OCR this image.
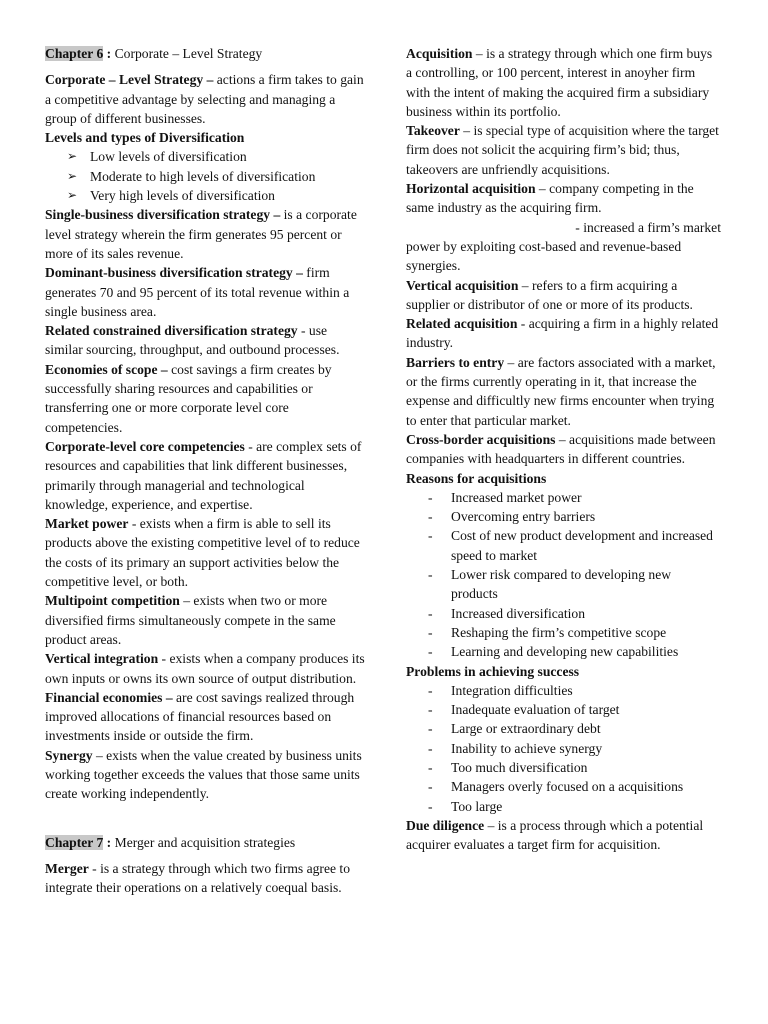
Chapter 6 : Corporate – Level Strategy

Corporate – Level Strategy – actions a firm takes to gain a competitive advantage by selecting and managing a group of different businesses.

Levels and types of Diversification

➢ Low levels of diversification
➢ Moderate to high levels of diversification
➢ Very high levels of diversification

Single-business diversification strategy – is a corporate level strategy wherein the firm generates 95 percent or more of its sales revenue.

Dominant-business diversification strategy – firm generates 70 and 95 percent of its total revenue within a single business area.

Related constrained diversification strategy - use similar sourcing, throughput, and outbound processes.

Economies of scope – cost savings a firm creates by successfully sharing resources and capabilities or transferring one or more corporate level core competencies.

Corporate-level core competencies - are complex sets of resources and capabilities that link different businesses, primarily through managerial and technological knowledge, experience, and expertise.

Market power - exists when a firm is able to sell its products above the existing competitive level of to reduce the costs of its primary an support activities below the competitive level, or both.

Multipoint competition – exists when two or more diversified firms simultaneously compete in the same product areas.

Vertical integration - exists when a company produces its own inputs or owns its own source of output distribution.

Financial economies – are cost savings realized through improved allocations of financial resources based on investments inside or outside the firm.

Synergy – exists when the value created by business units working together exceeds the values that those same units create working independently.

Chapter 7 : Merger and acquisition strategies

Merger - is a strategy through which two firms agree to integrate their operations on a relatively coequal basis.

Acquisition – is a strategy through which one firm buys a controlling, or 100 percent, interest in anoyher firm with the intent of making the acquired firm a subsidiary business within its portfolio.

Takeover – is special type of acquisition where the target firm does not solicit the acquiring firm’s bid; thus, takeovers are unfriendly acquisitions.

Horizontal acquisition – company competing in the same industry as the acquiring firm.

- increased a firm’s market

power by exploiting cost-based and revenue-based synergies.

Vertical acquisition – refers to a firm acquiring a supplier or distributor of one or more of its products.

Related acquisition - acquiring a firm in a highly related industry.

Barriers to entry – are factors associated with a market, or the firms currently operating in it, that increase the expense and difficultly new firms encounter when trying to enter that particular market.

Cross-border acquisitions – acquisitions made between companies with headquarters in different countries.

Reasons for acquisitions

- Increased market power
- Overcoming entry barriers
- Cost of new product development and increased speed to market
- Lower risk compared to developing new products
- Increased diversification
- Reshaping the firm’s competitive scope
- Learning and developing new capabilities

Problems in achieving success

- Integration difficulties
- Inadequate evaluation of target
- Large or extraordinary debt
- Inability to achieve synergy
- Too much diversification
- Managers overly focused on a acquisitions
- Too large

Due diligence – is a process through which a potential acquirer evaluates a target firm for acquisition.
